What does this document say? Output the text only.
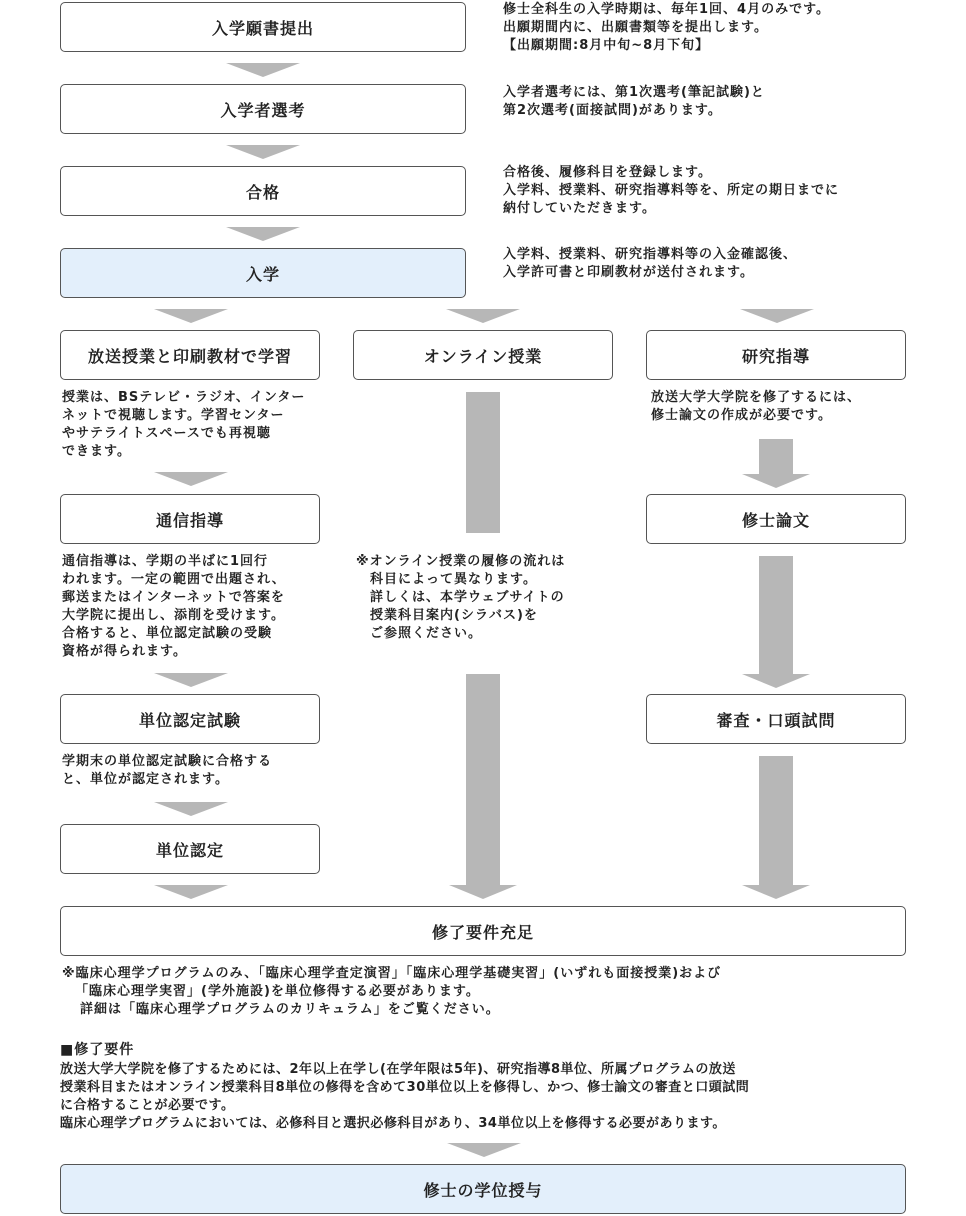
入学願書提出

修士全科生の入学時期は、毎年1回、4月のみです。
出願期間内に、出願書類等を提出します。
【出願期間:8月中旬~8月下旬】

入学者選考

入学者選考には、第1次選考(筆記試験)と
第2次選考(面接試問)があります。

合格

合格後、履修科目を登録します。
入学料、授業料、研究指導料等を、所定の期日までに
納付していただきます。

入学

入学料、授業料、研究指導料等の入金確認後、
入学許可書と印刷教材が送付されます。

放送授業と印刷教材で学習

授業は、BSテレビ・ラジオ、インター
ネットで視聴します。学習センター
やサテライトスペースでも再視聴
できます。

通信指導

通信指導は、学期の半ばに1回行
われます。一定の範囲で出題され、
郵送またはインターネットで答案を
大学院に提出し、添削を受けます。
合格すると、単位認定試験の受験
資格が得られます。

単位認定試験

学期末の単位認定試験に合格する
と、単位が認定されます。

単位認定
オンライン授業

※オンライン授業の履修の流れは
　科目によって異なります。
　詳しくは、本学ウェブサイトの
　授業科目案内(シラバス)を
　ご参照ください。

研究指導

放送大学大学院を修了するには、
修士論文の作成が必要です。

修士論文
審査・口頭試問
修了要件充足
※臨床心理学プログラムのみ、「臨床心理学査定演習」「臨床心理学基礎実習」(いずれも面接授業)および
「臨床心理学実習」(学外施設)を単位修得する必要があります。
詳細は「臨床心理学プログラムのカリキュラム」をご覧ください。

■修了要件

放送大学大学院を修了するためには、2年以上在学し(在学年限は5年)、研究指導8単位、所属プログラムの放送
授業科目またはオンライン授業科目8単位の修得を含めて30単位以上を修得し、かつ、修士論文の審査と口頭試問
に合格することが必要です。
臨床心理学プログラムにおいては、必修科目と選択必修科目があり、34単位以上を修得する必要があります。

修士の学位授与
